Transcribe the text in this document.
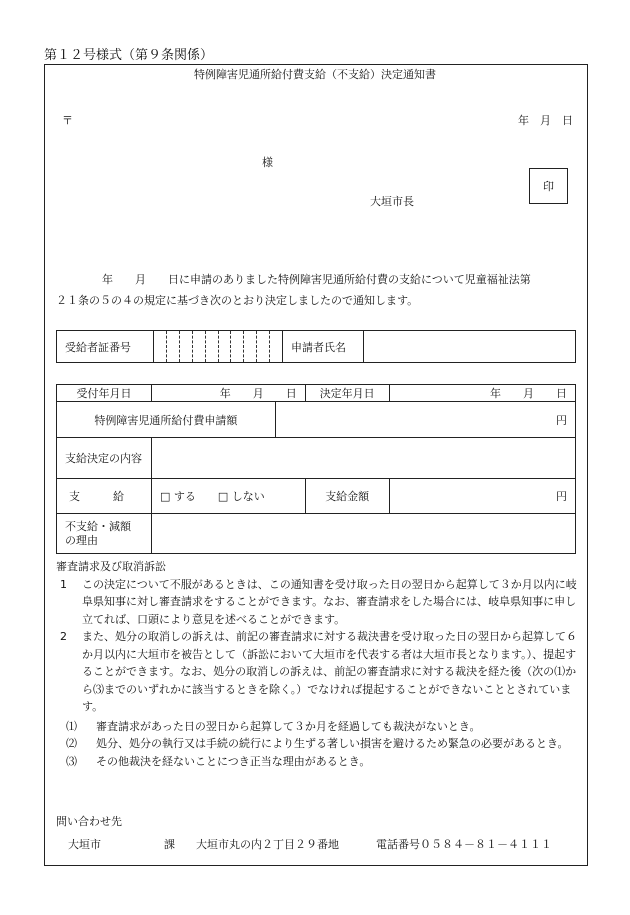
第１２号様式（第９条関係）
特例障害児通所給付費支給（不支給）決定通知書
〒	年　月　日
様
大垣市長
印
年　　月　　日に申請のありました特例障害児通所給付費の支給について児童福祉法第
２１条の５の４の規定に基づき次のとおり決定しましたので通知します。
受給者証番号		申請者氏名	
受付年月日	年　　月　　日		決定年月日	年　　月　　日
特例障害児通所給付費申請額		円		
支給決定の内容				
支　　　給	□ する　　□ しない		支給金額	円

不支給・減額
の理由				

審査請求及び取消訴訟
1	この決定について不服があるときは、この通知書を受け取った日の翌日から起算して３か月以内に岐阜県知事に対し審査請求をすることができます。なお、審査請求をした場合には、岐阜県知事に申し立てれば、口頭により意見を述べることができます。
2	また、処分の取消しの訴えは、前記の審査請求に対する裁決書を受け取った日の翌日から起算して６か月以内に大垣市を被告として（訴訟において大垣市を代表する者は大垣市長となります。）、提起することができます。なお、処分の取消しの訴えは、前記の審査請求に対する裁決を経た後（次の⑴から⑶までのいずれかに該当するときを除く。）でなければ提起することができないこととされています。
⑴	審査請求があった日の翌日から起算して３か月を経過しても裁決がないとき。
⑵	処分、処分の執行又は手続の続行により生ずる著しい損害を避けるため緊急の必要があるとき。
⑶	その他裁決を経ないことにつき正当な理由があるとき。
問い合わせ先
大垣市	課 大垣市丸の内２丁目２９番地	電話番号０５８４－８１－４１１１
